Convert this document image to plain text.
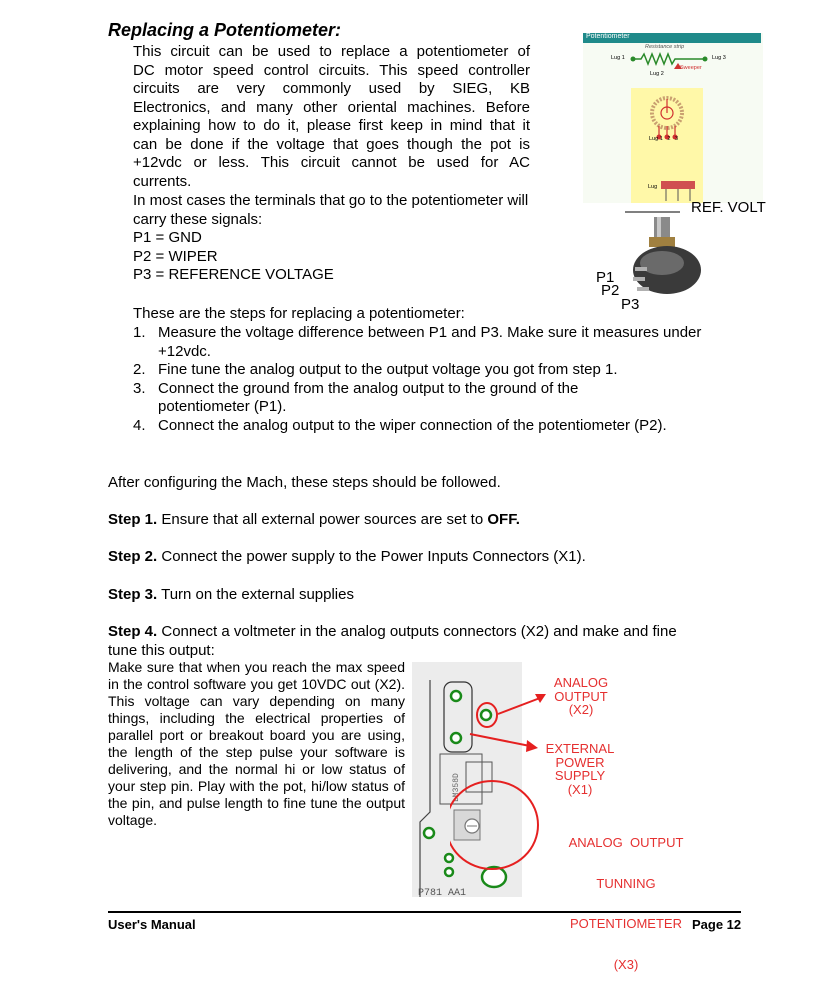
Replacing a Potentiometer:
This circuit can be used to replace a potentiometer of
DC motor speed control circuits. This speed controller
circuits are very commonly used by SIEG, KB
Electronics, and many other oriental machines. Before
explaining how to do it, please first keep in mind that it
can be done if the voltage that goes though the pot is
+12vdc or less. This circuit cannot be used for AC
currents.
In most cases the terminals that go to the potentiometer will
carry these signals:
P1 = GND
P2 = WIPER
P3 = REFERENCE VOLTAGE
These are the steps for replacing a potentiometer:
1. Measure the voltage difference between P1 and P3. Make sure it measures under +12vdc.
2. Fine tune the analog output to the output voltage you got from step 1.
3. Connect the ground from the analog output to the ground of the potentiometer (P1).
4. Connect the analog output to the wiper connection of the potentiometer (P2).
After configuring the Mach, these steps should be followed.
Step 1. Ensure that all external power sources are set to OFF.
Step 2. Connect the power supply to the Power Inputs Connectors (X1).
Step 3. Turn on the external supplies
Step 4. Connect a voltmeter in the analog outputs connectors (X2) and make and fine tune this output:
Make sure that when you reach the max speed in the control software you get 10VDC out (X2). This voltage can vary depending on many things, including the electrical properties of parallel port or breakout board you are using, the length of the step pulse your software is delivering, and the normal hi or low status of your step pin. Play with the pot, hi/low status of the pin, and pulse length to fine tune the output voltage.
Potentiometer
Resistance strip
Lug 1	Lug 3
Lug 2
Sweeper
Lug 1   2   3
Lug
REF. VOLT
P1
P2
P3
LM358D
P781 AA1
ANALOG
OUTPUT
(X2)
EXTERNAL
POWER
SUPPLY
(X1)

ANALOG  OUTPUT

TUNNING

POTENTIOMETER

(X3)

User's Manual	Page 12
